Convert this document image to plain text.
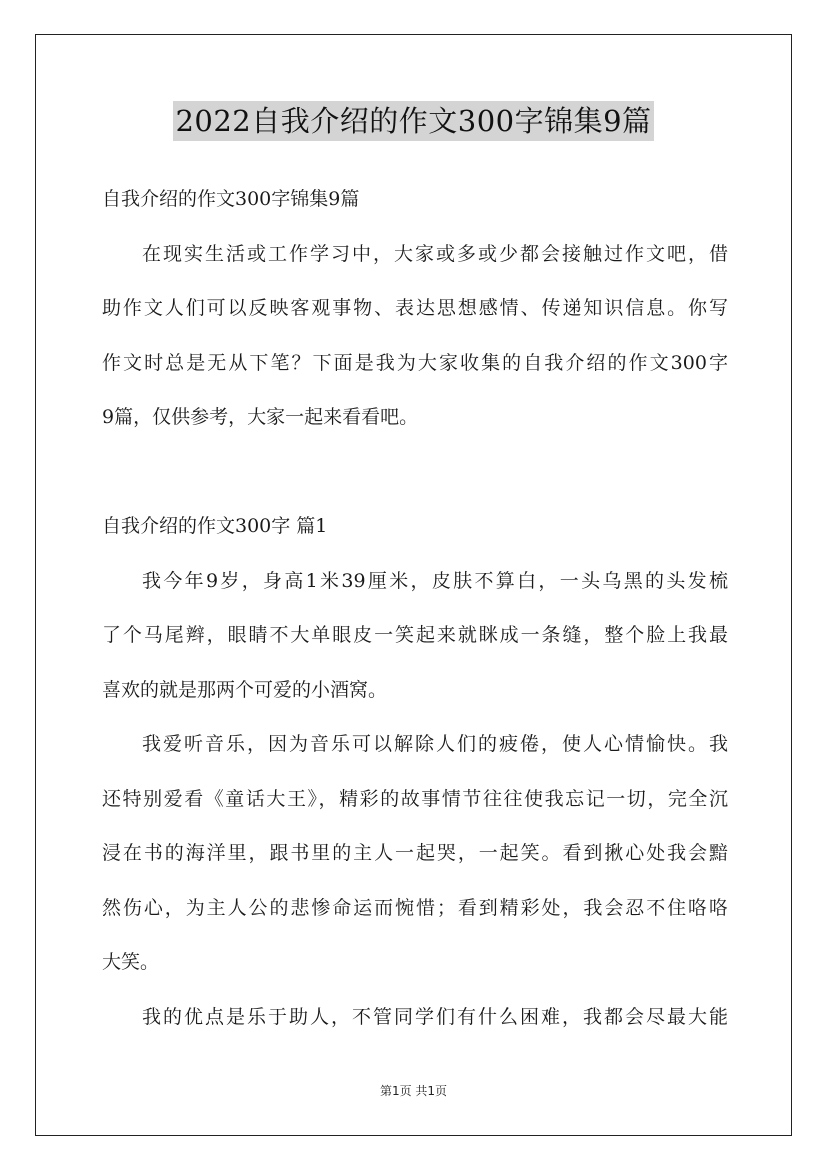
2022自我介绍的作文300字锦集9篇
自我介绍的作文300字锦集9篇
在现实生活或工作学习中，大家或多或少都会接触过作文吧，借
助作文人们可以反映客观事物、表达思想感情、传递知识信息。你写
作文时总是无从下笔？下面是我为大家收集的自我介绍的作文300字
9篇，仅供参考，大家一起来看看吧。
自我介绍的作文300字 篇1
我今年9岁，身高1米39厘米，皮肤不算白，一头乌黑的头发梳
了个马尾辫，眼睛不大单眼皮一笑起来就眯成一条缝，整个脸上我最
喜欢的就是那两个可爱的小酒窝。
我爱听音乐，因为音乐可以解除人们的疲倦，使人心情愉快。我
还特别爱看《童话大王》，精彩的故事情节往往使我忘记一切，完全沉
浸在书的海洋里，跟书里的主人一起哭，一起笑。看到揪心处我会黯
然伤心，为主人公的悲惨命运而惋惜；看到精彩处，我会忍不住咯咯
大笑。
我的优点是乐于助人，不管同学们有什么困难，我都会尽最大能
第1页 共1页
